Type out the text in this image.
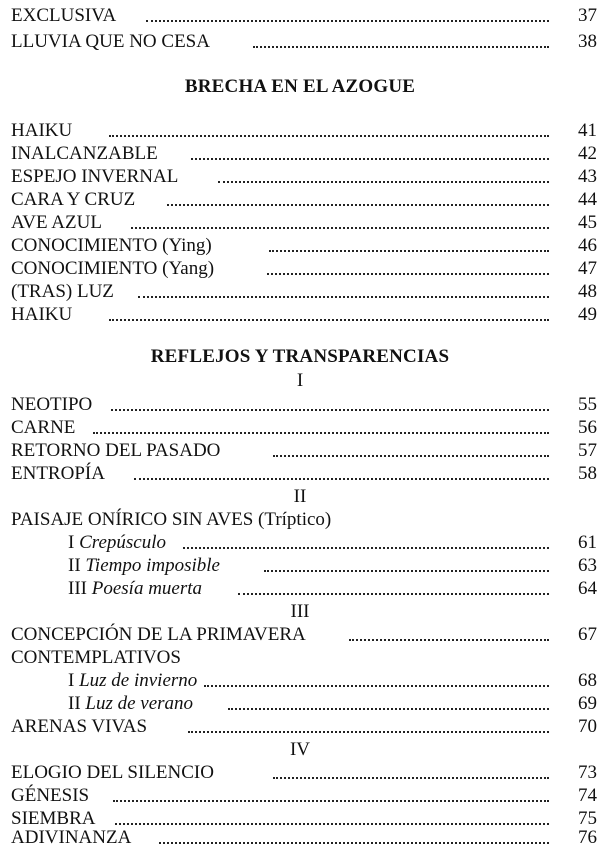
EXCLUSIVA	37
LLUVIA QUE NO CESA	38
BRECHA EN EL AZOGUE
HAIKU	41
INALCANZABLE	42
ESPEJO INVERNAL	43
CARA Y CRUZ	44
AVE AZUL	45
CONOCIMIENTO (Ying)	46
CONOCIMIENTO (Yang)	47
(TRAS) LUZ	48
HAIKU	49
REFLEJOS Y TRANSPARENCIAS
I
NEOTIPO	55
CARNE	56
RETORNO DEL PASADO	57
ENTROPÍA	58
II
PAISAJE ONÍRICO SIN AVES (Tríptico)
I Crepúsculo	61
II Tiempo imposible	63
III Poesía muerta	64
III
CONCEPCIÓN DE LA PRIMAVERA	67
CONTEMPLATIVOS
I Luz de invierno	68
II Luz de verano	69
ARENAS VIVAS	70
IV
ELOGIO DEL SILENCIO	73
GÉNESIS	74
SIEMBRA	75
ADIVINANZA	76
